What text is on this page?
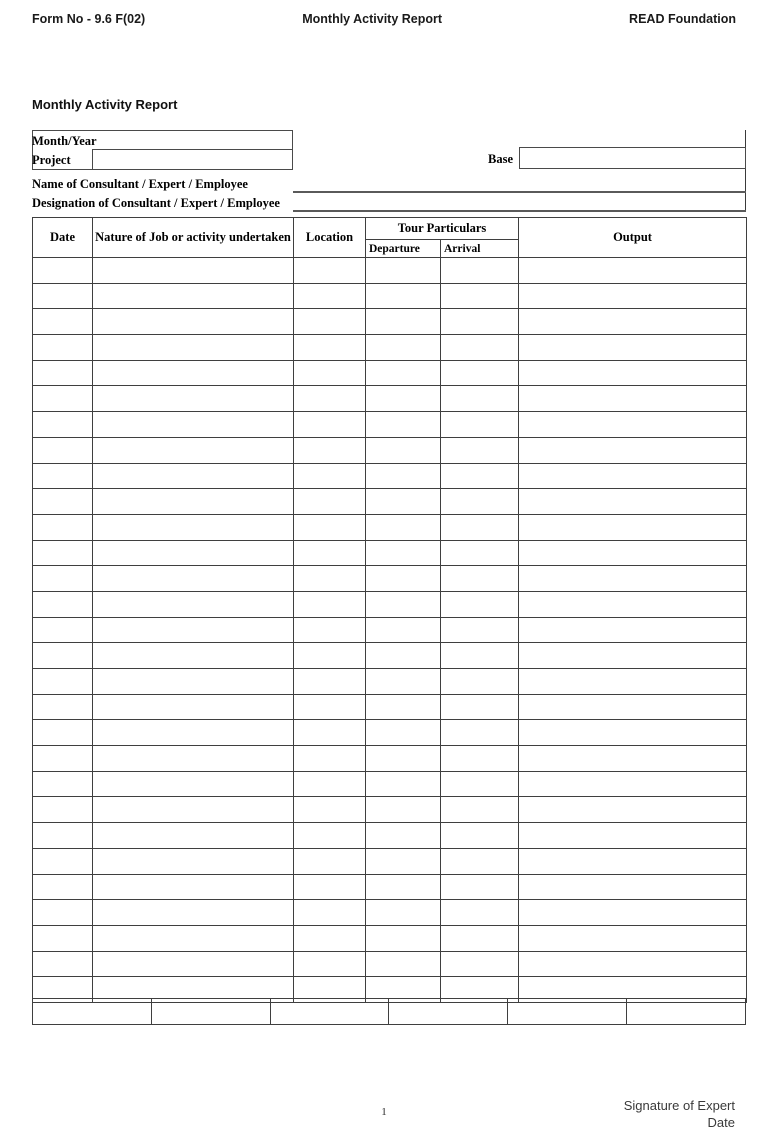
Form No - 9.6 F(02)	Monthly Activity Report	READ Foundation
Monthly Activity Report
Month/Year
Project	Base
Name of Consultant / Expert / Employee
Designation of Consultant / Expert / Employee
Date	Nature of Job or activity undertaken	Location	Tour Particulars		Output
			Departure	Arrival	

1	Signature of Expert
Date
